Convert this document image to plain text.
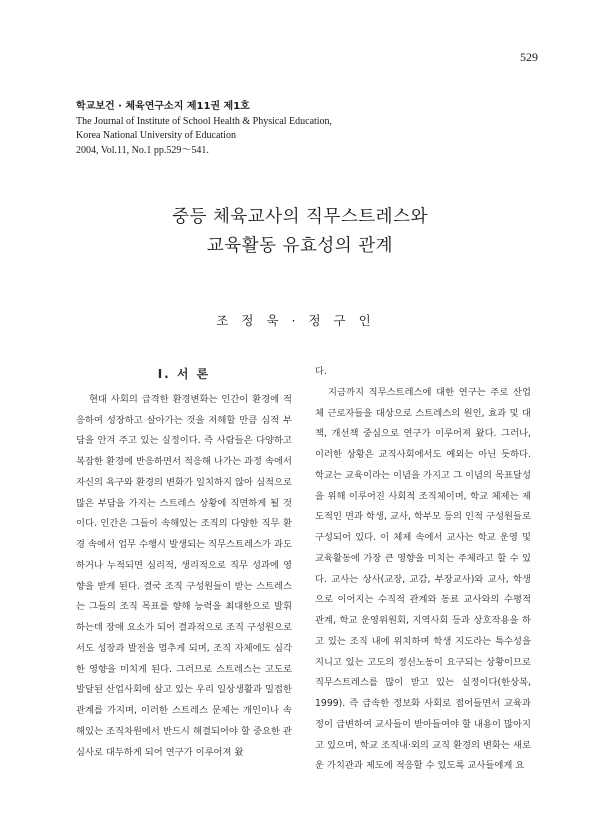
529
학교보건 · 체육연구소지 제11권 제1호
The Journal of Institute of School Health & Physical Education,
Korea National University of Education
2004, Vol.11, No.1 pp.529～541.
중등 체육교사의 직무스트레스와
교육활동 유효성의 관계
조정욱·정구인
Ⅰ. 서 론

현대 사회의 급격한 환경변화는 인간이 환경에 적응하여 성장하고 살아가는 것을 저해할 만큼 심적 부담을 안겨 주고 있는 실정이다. 즉 사람들은 다양하고 복잡한 환경에 반응하면서 적응해 나가는 과정 속에서 자신의 욕구와 환경의 변화가 일치하지 않아 심적으로 많은 부담을 가지는 스트레스 상황에 직면하게 될 것이다. 인간은 그들이 속해있는 조직의 다양한 직무 환경 속에서 업무 수행시 발생되는 직무스트레스가 과도하거나 누적되면 심리적, 생리적으로 직무 성과에 영향을 받게 된다. 결국 조직 구성원들이 받는 스트레스는 그들의 조직 목표를 향해 능력을 최대한으로 발휘하는데 장애 요소가 되어 결과적으로 조직 구성원으로서도 성장과 발전을 멈추게 되며, 조직 자체에도 심각한 영향을 미치게 된다. 그러므로 스트레스는 고도로 발달된 산업사회에 살고 있는 우리 일상생활과 밀접한 관계를 가지며, 이러한 스트레스 문제는 개인이나 속해있는 조직차원에서 반드시 해결되어야 할 중요한 관심사로 대두하게 되어 연구가 이루어져 왔

다.

지금까지 직무스트레스에 대한 연구는 주로 산업체 근로자들을 대상으로 스트레스의 원인, 효과 및 대책, 개선책 중심으로 연구가 이루어져 왔다. 그러나, 이러한 상황은 교직사회에서도 예외는 아닌 듯하다. 학교는 교육이라는 이념을 가지고 그 이념의 목표달성을 위해 이루어진 사회적 조직체이며, 학교 체제는 제도적인 면과 학생, 교사, 학부모 등의 인적 구성원들로 구성되어 있다. 이 체제 속에서 교사는 학교 운영 및 교육활동에 가장 큰 영향을 미치는 주체라고 할 수 있다. 교사는 상사(교장, 교감, 부장교사)와 교사, 학생으로 이어지는 수직적 관계와 동료 교사와의 수평적 관계, 학교 운영위원회, 지역사회 등과 상호작용을 하고 있는 조직 내에 위치하며 학생 지도라는 특수성을 지니고 있는 고도의 정신노동이 요구되는 상황이므로 직무스트레스를 많이 받고 있는 실정이다(한상복, 1999). 즉 급속한 정보화 사회로 접어들면서 교육과정이 급변하여 교사들이 받아들여야 할 내용이 많아지고 있으며, 학교 조직내·외의 교직 환경의 변화는 새로운 가치관과 제도에 적응할 수 있도록 교사들에게 요
